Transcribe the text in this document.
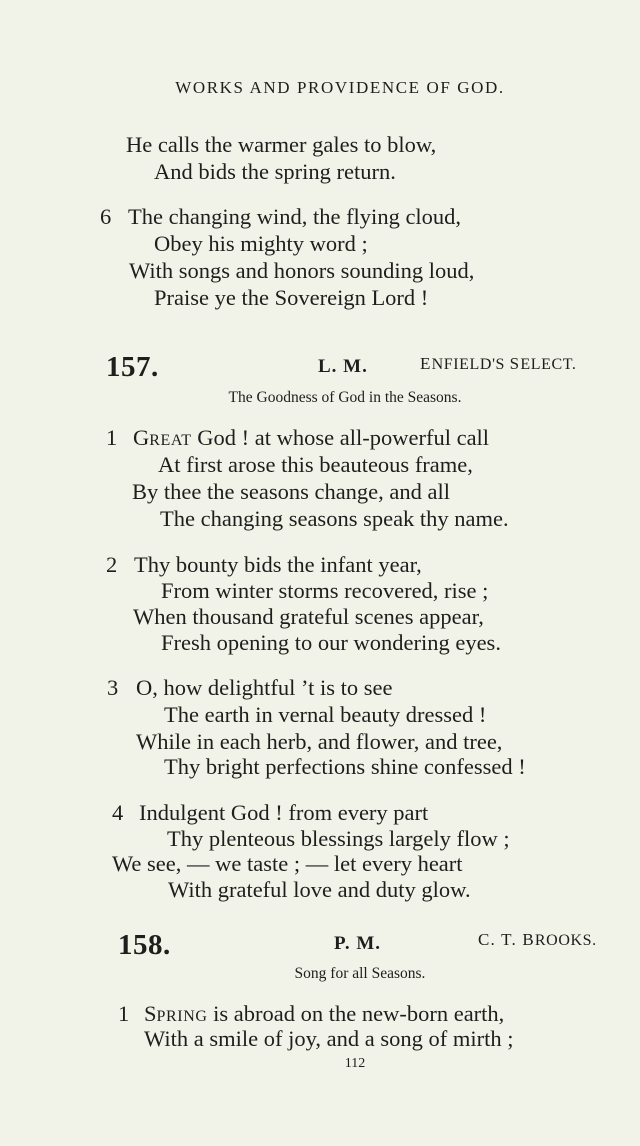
WORKS AND PROVIDENCE OF GOD.
He calls the warmer gales to blow,
And bids the spring return.
6 The changing wind, the flying cloud,
Obey his mighty word ;
With songs and honors sounding loud,
Praise ye the Sovereign Lord !
157.	L. M.	ENFIELD'S SELECT.
The Goodness of God in the Seasons.
1 GREAT God ! at whose all-powerful call
At first arose this beauteous frame,
By thee the seasons change, and all
The changing seasons speak thy name.
2 Thy bounty bids the infant year,
From winter storms recovered, rise ;
When thousand grateful scenes appear,
Fresh opening to our wondering eyes.
3 O, how delightful ’t is to see
The earth in vernal beauty dressed !
While in each herb, and flower, and tree,
Thy bright perfections shine confessed !
4 Indulgent God ! from every part
Thy plenteous blessings largely flow ;
We see, — we taste ; — let every heart
With grateful love and duty glow.
158.	P. M.	C. T. BROOKS.
Song for all Seasons.
1 SPRING is abroad on the new-born earth,
With a smile of joy, and a song of mirth ;
112
